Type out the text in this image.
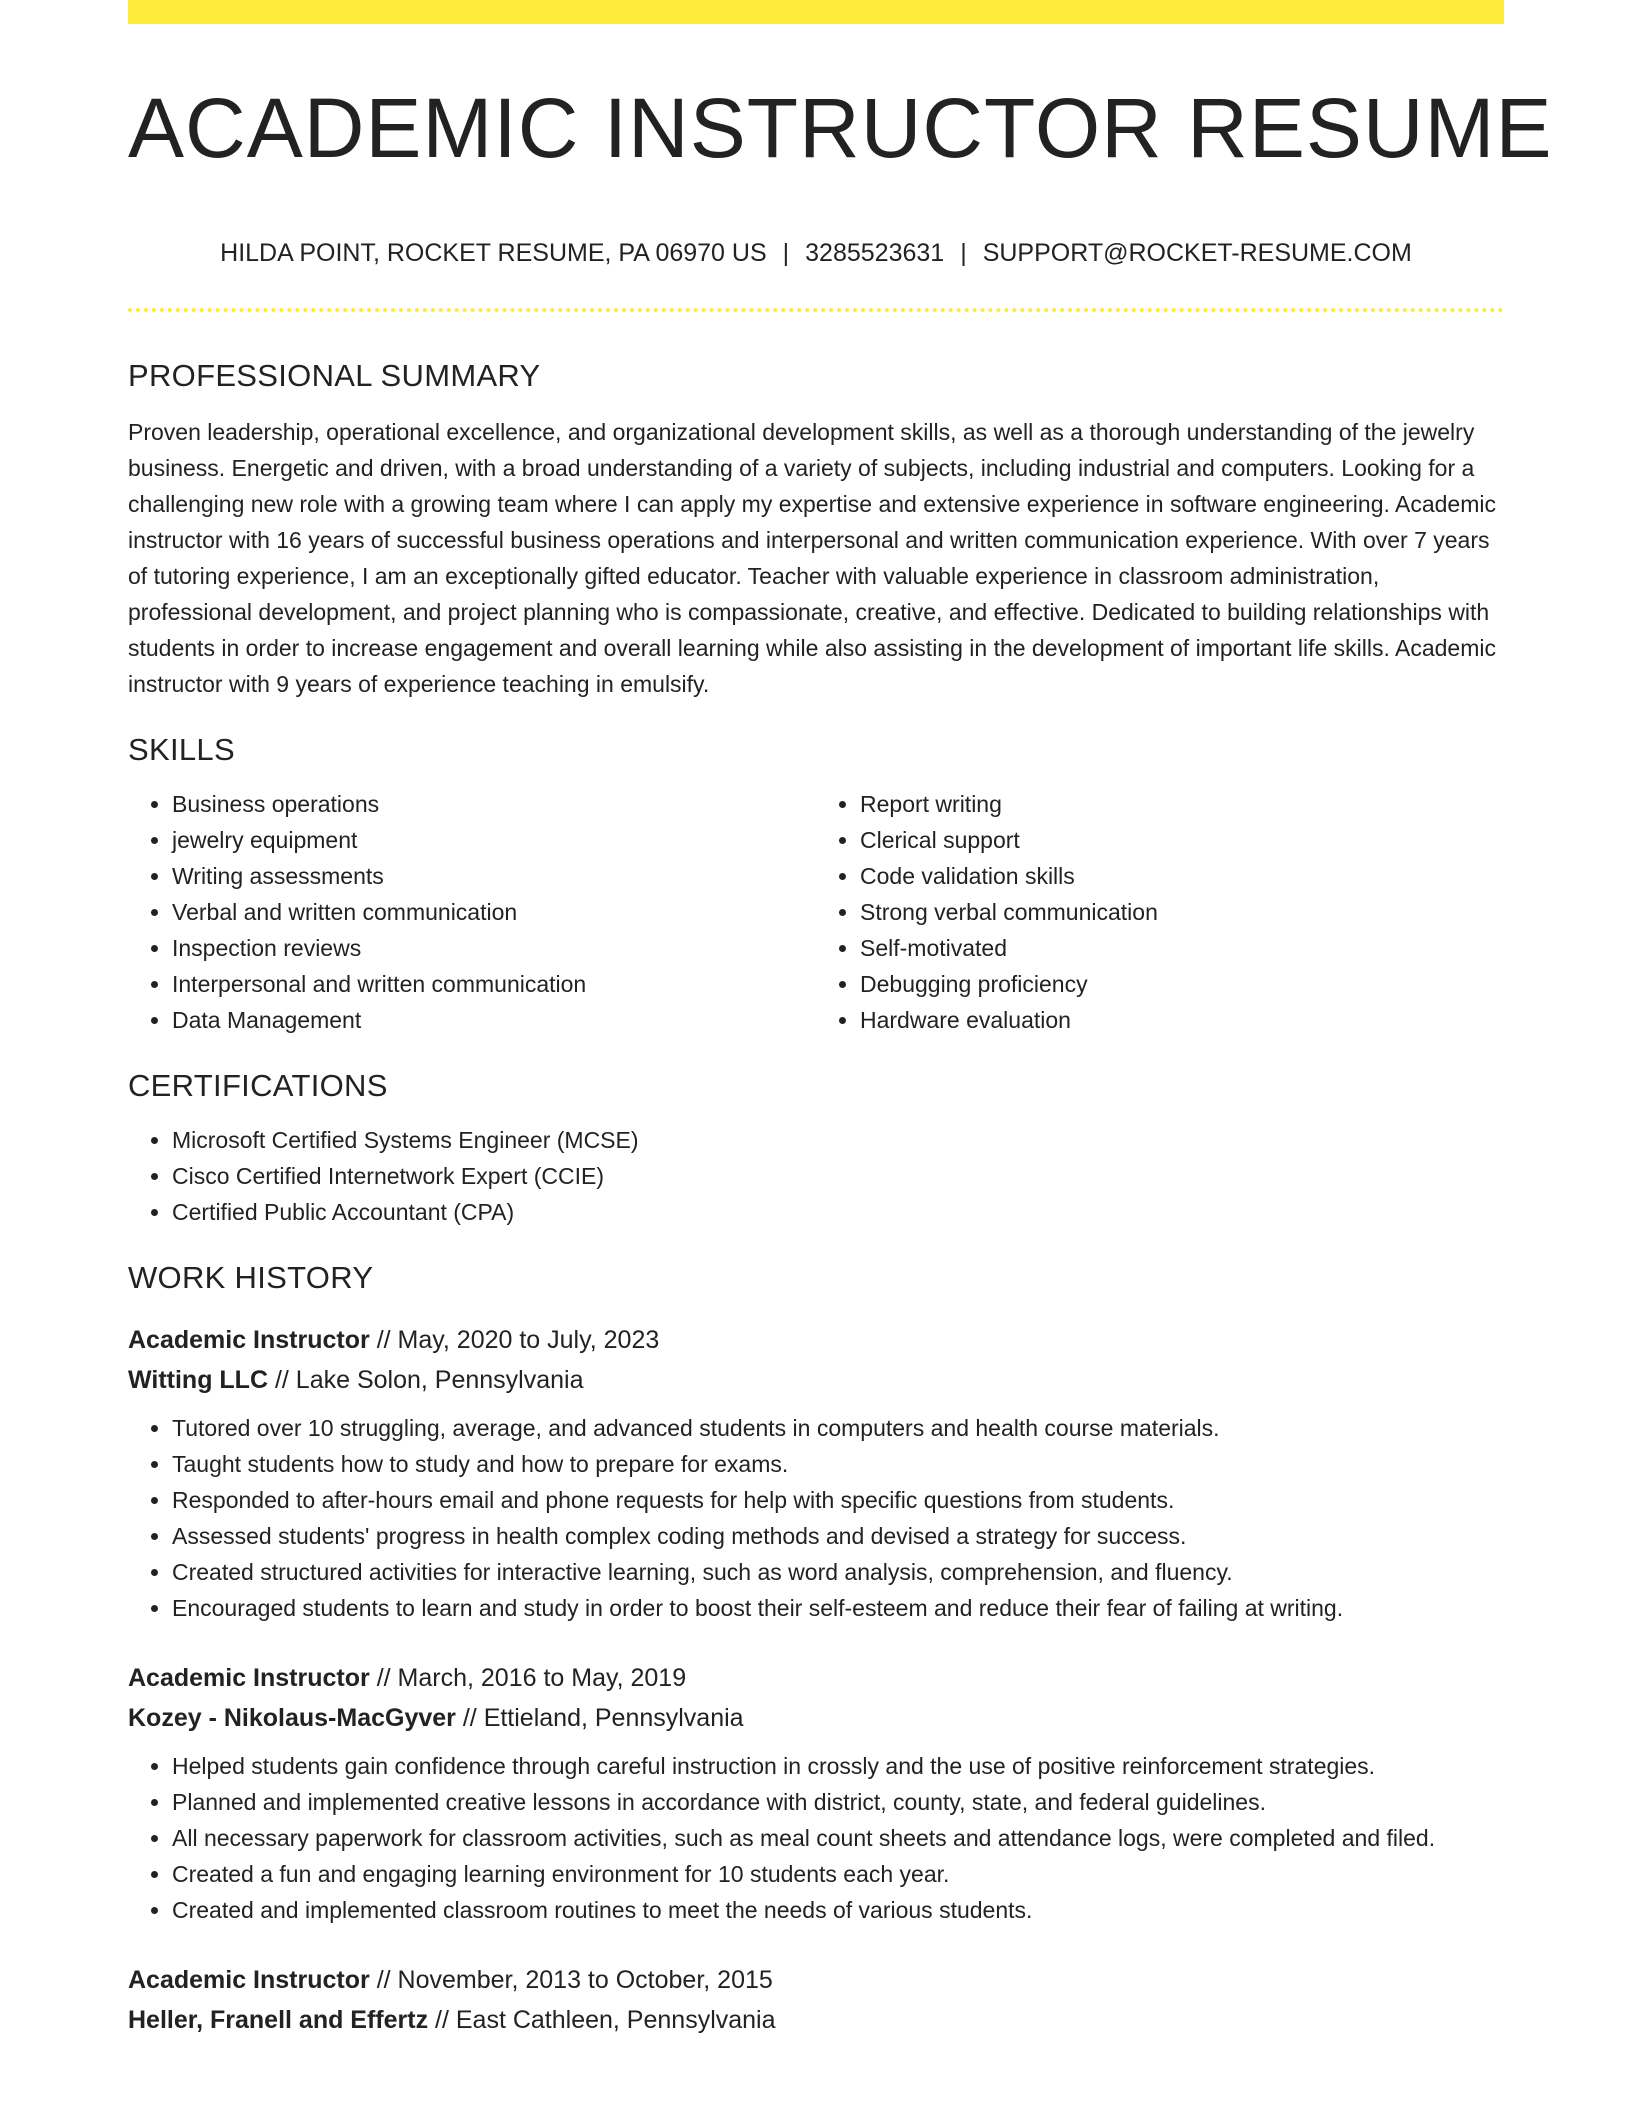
ACADEMIC INSTRUCTOR RESUME
HILDA POINT, ROCKET RESUME, PA 06970 US | 3285523631 | SUPPORT@ROCKET-RESUME.COM
PROFESSIONAL SUMMARY

Proven leadership, operational excellence, and organizational development skills, as well as a thorough understanding of the jewelry business. Energetic and driven, with a broad understanding of a variety of subjects, including industrial and computers. Looking for a challenging new role with a growing team where I can apply my expertise and extensive experience in software engineering. Academic instructor with 16 years of successful business operations and interpersonal and written communication experience. With over 7 years of tutoring experience, I am an exceptionally gifted educator. Teacher with valuable experience in classroom administration, professional development, and project planning who is compassionate, creative, and effective. Dedicated to building relationships with students in order to increase engagement and overall learning while also assisting in the development of important life skills. Academic instructor with 9 years of experience teaching in emulsify.

SKILLS
• Business operations
• jewelry equipment
• Writing assessments
• Verbal and written communication
• Inspection reviews
• Interpersonal and written communication
• Data Management
• Report writing
• Clerical support
• Code validation skills
• Strong verbal communication
• Self-motivated
• Debugging proficiency
• Hardware evaluation
CERTIFICATIONS
• Microsoft Certified Systems Engineer (MCSE)
• Cisco Certified Internetwork Expert (CCIE)
• Certified Public Accountant (CPA)
WORK HISTORY
Academic Instructor // May, 2020 to July, 2023
Witting LLC // Lake Solon, Pennsylvania
• Tutored over 10 struggling, average, and advanced students in computers and health course materials.
• Taught students how to study and how to prepare for exams.
• Responded to after-hours email and phone requests for help with specific questions from students.
• Assessed students' progress in health complex coding methods and devised a strategy for success.
• Created structured activities for interactive learning, such as word analysis, comprehension, and fluency.
• Encouraged students to learn and study in order to boost their self-esteem and reduce their fear of failing at writing.
Academic Instructor // March, 2016 to May, 2019
Kozey - Nikolaus-MacGyver // Ettieland, Pennsylvania
• Helped students gain confidence through careful instruction in crossly and the use of positive reinforcement strategies.
• Planned and implemented creative lessons in accordance with district, county, state, and federal guidelines.
• All necessary paperwork for classroom activities, such as meal count sheets and attendance logs, were completed and filed.
• Created a fun and engaging learning environment for 10 students each year.
• Created and implemented classroom routines to meet the needs of various students.
Academic Instructor // November, 2013 to October, 2015
Heller, Franell and Effertz // East Cathleen, Pennsylvania
